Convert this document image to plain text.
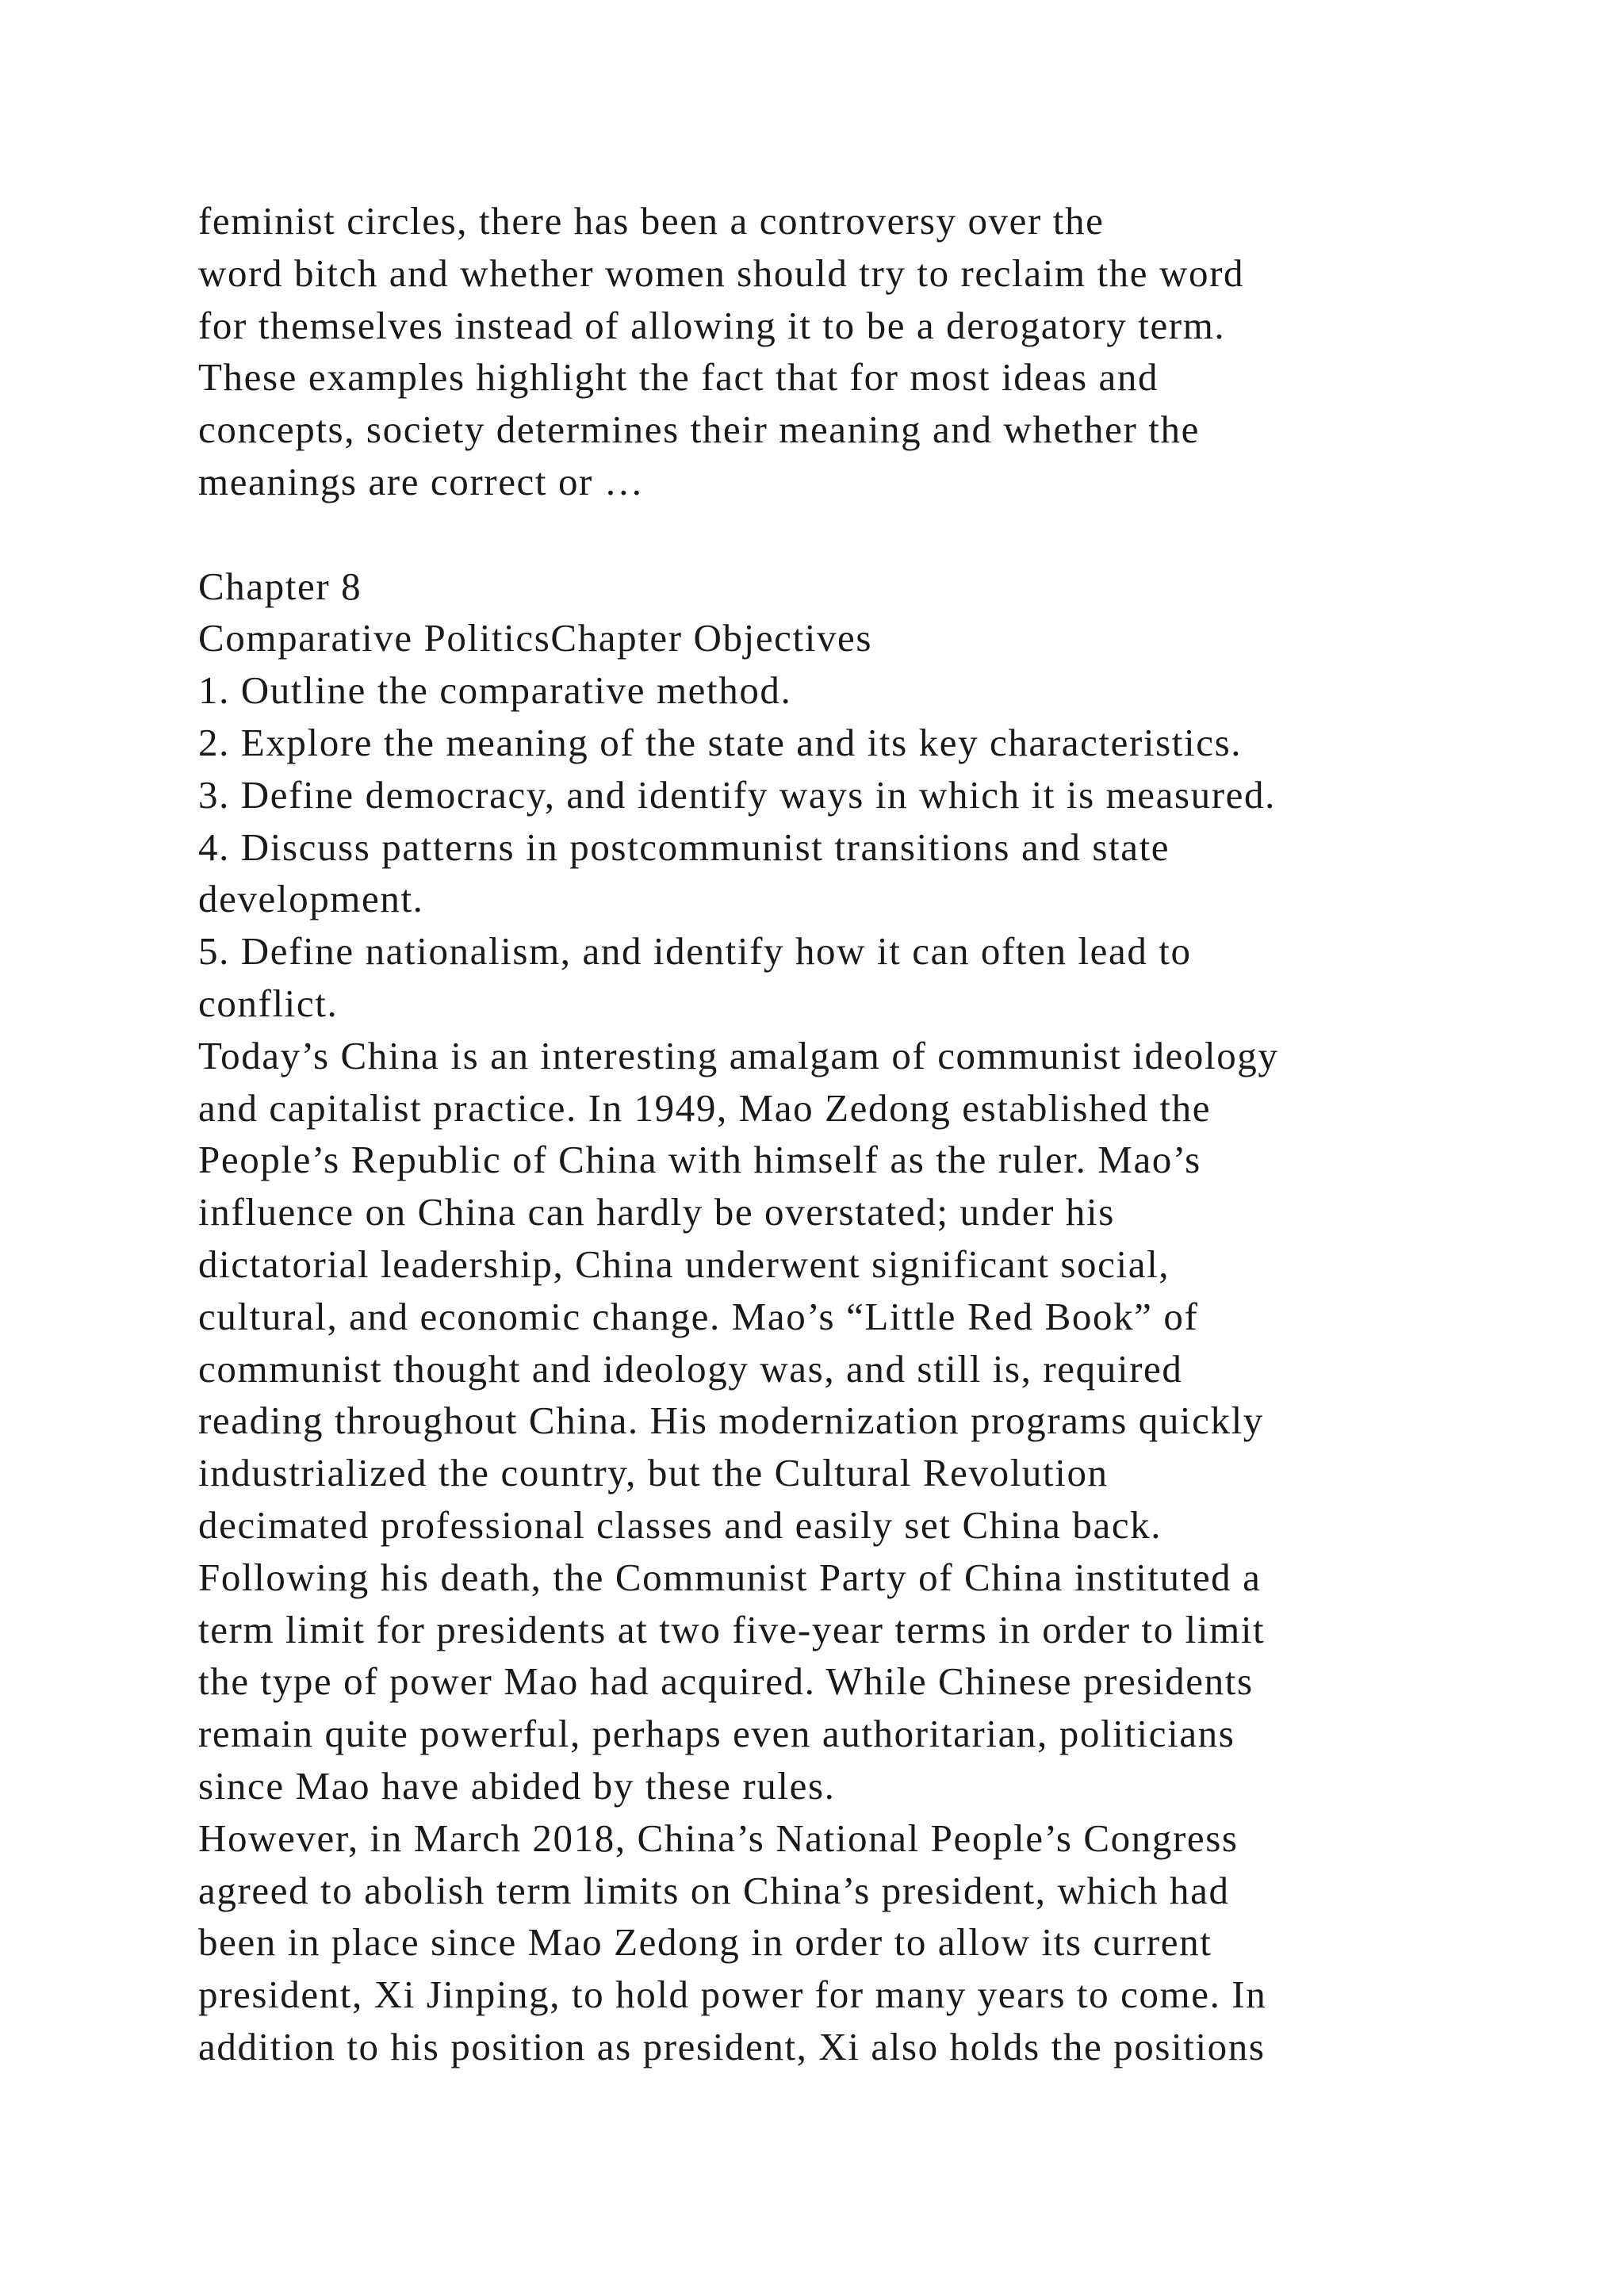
feminist circles, there has been a controversy over the
word bitch and whether women should try to reclaim the word
for themselves instead of allowing it to be a derogatory term.
These examples highlight the fact that for most ideas and
concepts, society determines their meaning and whether the
meanings are correct or …
Chapter 8
Comparative PoliticsChapter Objectives
1. Outline the comparative method.
2. Explore the meaning of the state and its key characteristics.
3. Define democracy, and identify ways in which it is measured.
4. Discuss patterns in postcommunist transitions and state
development.
5. Define nationalism, and identify how it can often lead to
conflict.
Today’s China is an interesting amalgam of communist ideology
and capitalist practice. In 1949, Mao Zedong established the
People’s Republic of China with himself as the ruler. Mao’s
influence on China can hardly be overstated; under his
dictatorial leadership, China underwent significant social,
cultural, and economic change. Mao’s “Little Red Book” of
communist thought and ideology was, and still is, required
reading throughout China. His modernization programs quickly
industrialized the country, but the Cultural Revolution
decimated professional classes and easily set China back.
Following his death, the Communist Party of China instituted a
term limit for presidents at two five-year terms in order to limit
the type of power Mao had acquired. While Chinese presidents
remain quite powerful, perhaps even authoritarian, politicians
since Mao have abided by these rules.
However, in March 2018, China’s National People’s Congress
agreed to abolish term limits on China’s president, which had
been in place since Mao Zedong in order to allow its current
president, Xi Jinping, to hold power for many years to come. In
addition to his position as president, Xi also holds the positions
